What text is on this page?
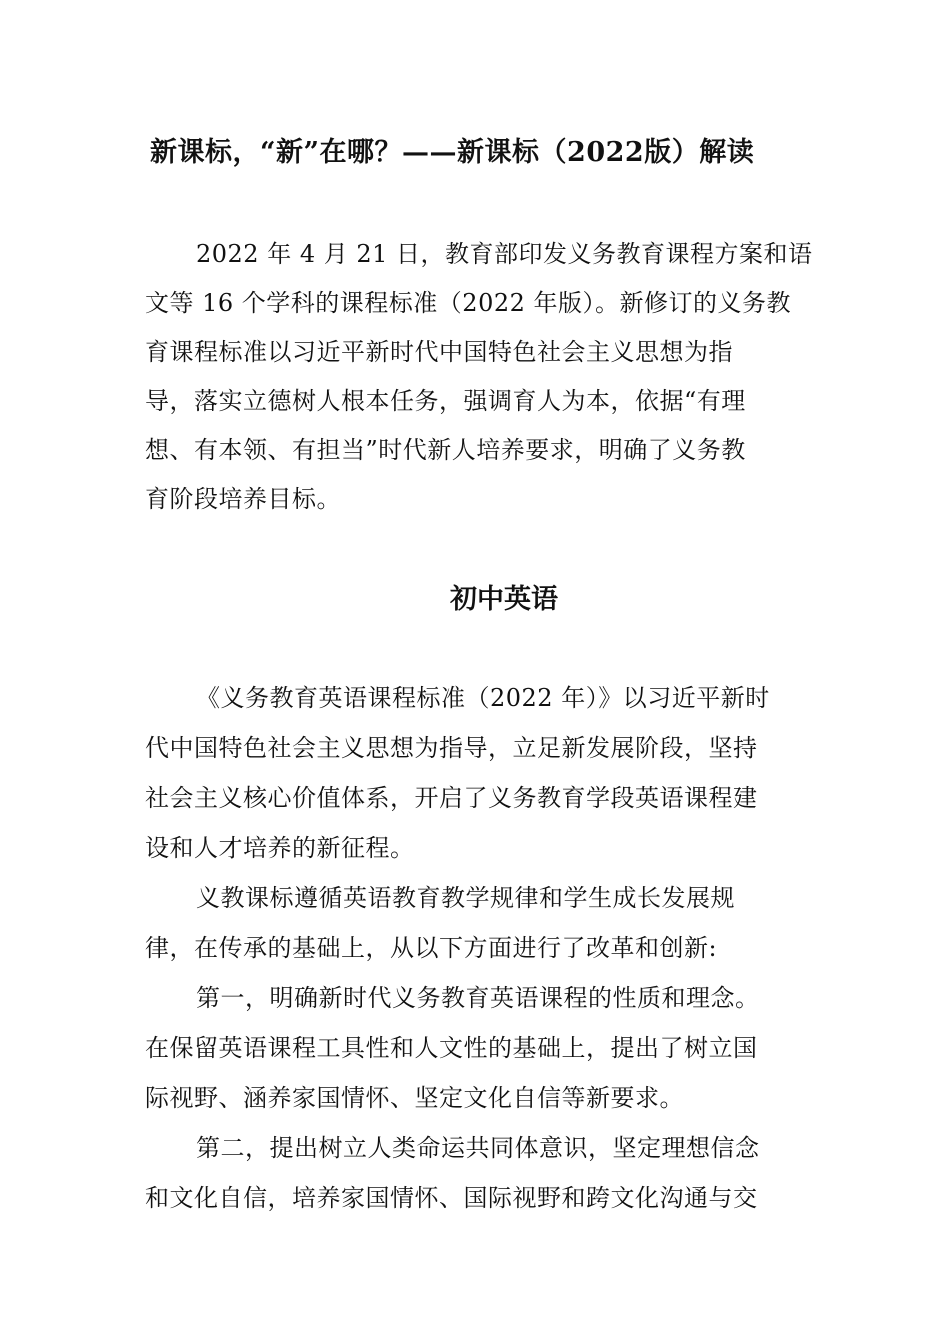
新课标，“新”在哪？——新课标（2022版）解读
2022 年 4 月 21 日，教育部印发义务教育课程方案和语
文等 16 个学科的课程标准（2022 年版）。新修订的义务教
育课程标准以习近平新时代中国特色社会主义思想为指
导，落实立德树人根本任务，强调育人为本，依据“有理
想、有本领、有担当”时代新人培养要求，明确了义务教
育阶段培养目标。
初中英语
《义务教育英语课程标准（2022 年）》以习近平新时
代中国特色社会主义思想为指导，立足新发展阶段，坚持
社会主义核心价值体系，开启了义务教育学段英语课程建
设和人才培养的新征程。
义教课标遵循英语教育教学规律和学生成长发展规
律，在传承的基础上，从以下方面进行了改革和创新:
第一，明确新时代义务教育英语课程的性质和理念。
在保留英语课程工具性和人文性的基础上，提出了树立国
际视野、涵养家国情怀、坚定文化自信等新要求。
第二，提出树立人类命运共同体意识，坚定理想信念
和文化自信，培养家国情怀、国际视野和跨文化沟通与交
